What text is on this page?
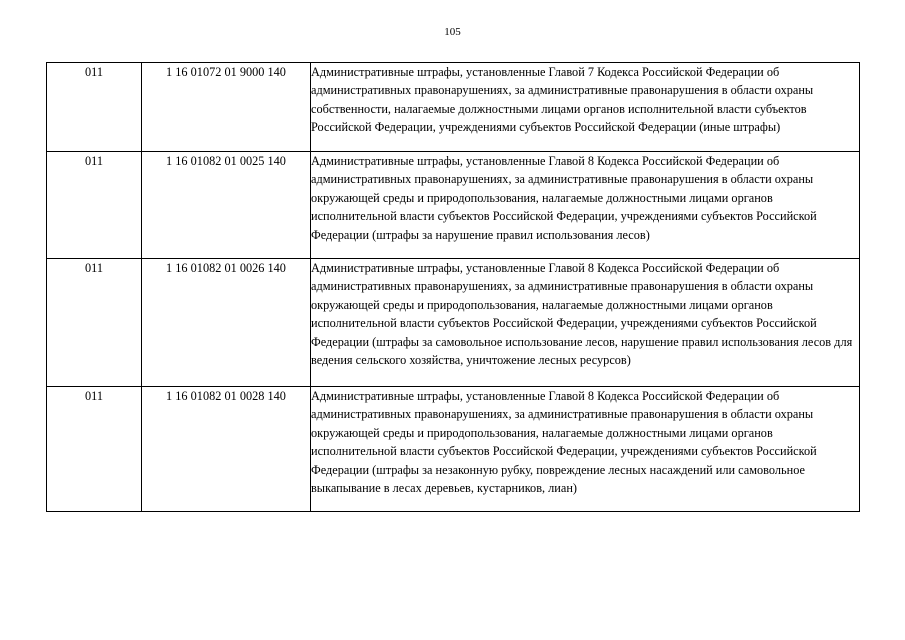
105
011	1 16 01072 01 9000 140	Административные штрафы, установленные Главой 7 Кодекса Российской Федерации об административных правонарушениях, за административные правонарушения в области охраны собственности, налагаемые должностными лицами органов исполнительной власти субъектов Российской Федерации, учреждениями субъектов Российской Федерации (иные штрафы)

011	1 16 01082 01 0025 140	Административные штрафы, установленные Главой 8 Кодекса Российской Федерации об административных правонарушениях, за административные правонарушения в области охраны окружающей среды и природопользования, налагаемые должностными лицами органов исполнительной власти субъектов Российской Федерации, учреждениями субъектов Российской Федерации (штрафы за нарушение правил использования лесов)

011	1 16 01082 01 0026 140	Административные штрафы, установленные Главой 8 Кодекса Российской Федерации об административных правонарушениях, за административные правонарушения в области охраны окружающей среды и природопользования, налагаемые должностными лицами органов исполнительной власти субъектов Российской Федерации, учреждениями субъектов Российской Федерации (штрафы за самовольное использование лесов, нарушение правил использования лесов для ведения сельского хозяйства, уничтожение лесных ресурсов)

011	1 16 01082 01 0028 140	Административные штрафы, установленные Главой 8 Кодекса Российской Федерации об административных правонарушениях, за административные правонарушения в области охраны окружающей среды и природопользования, налагаемые должностными лицами органов исполнительной власти субъектов Российской Федерации, учреждениями субъектов Российской Федерации (штрафы за незаконную рубку, повреждение лесных насаждений или самовольное выкапывание в лесах деревьев, кустарников, лиан)
